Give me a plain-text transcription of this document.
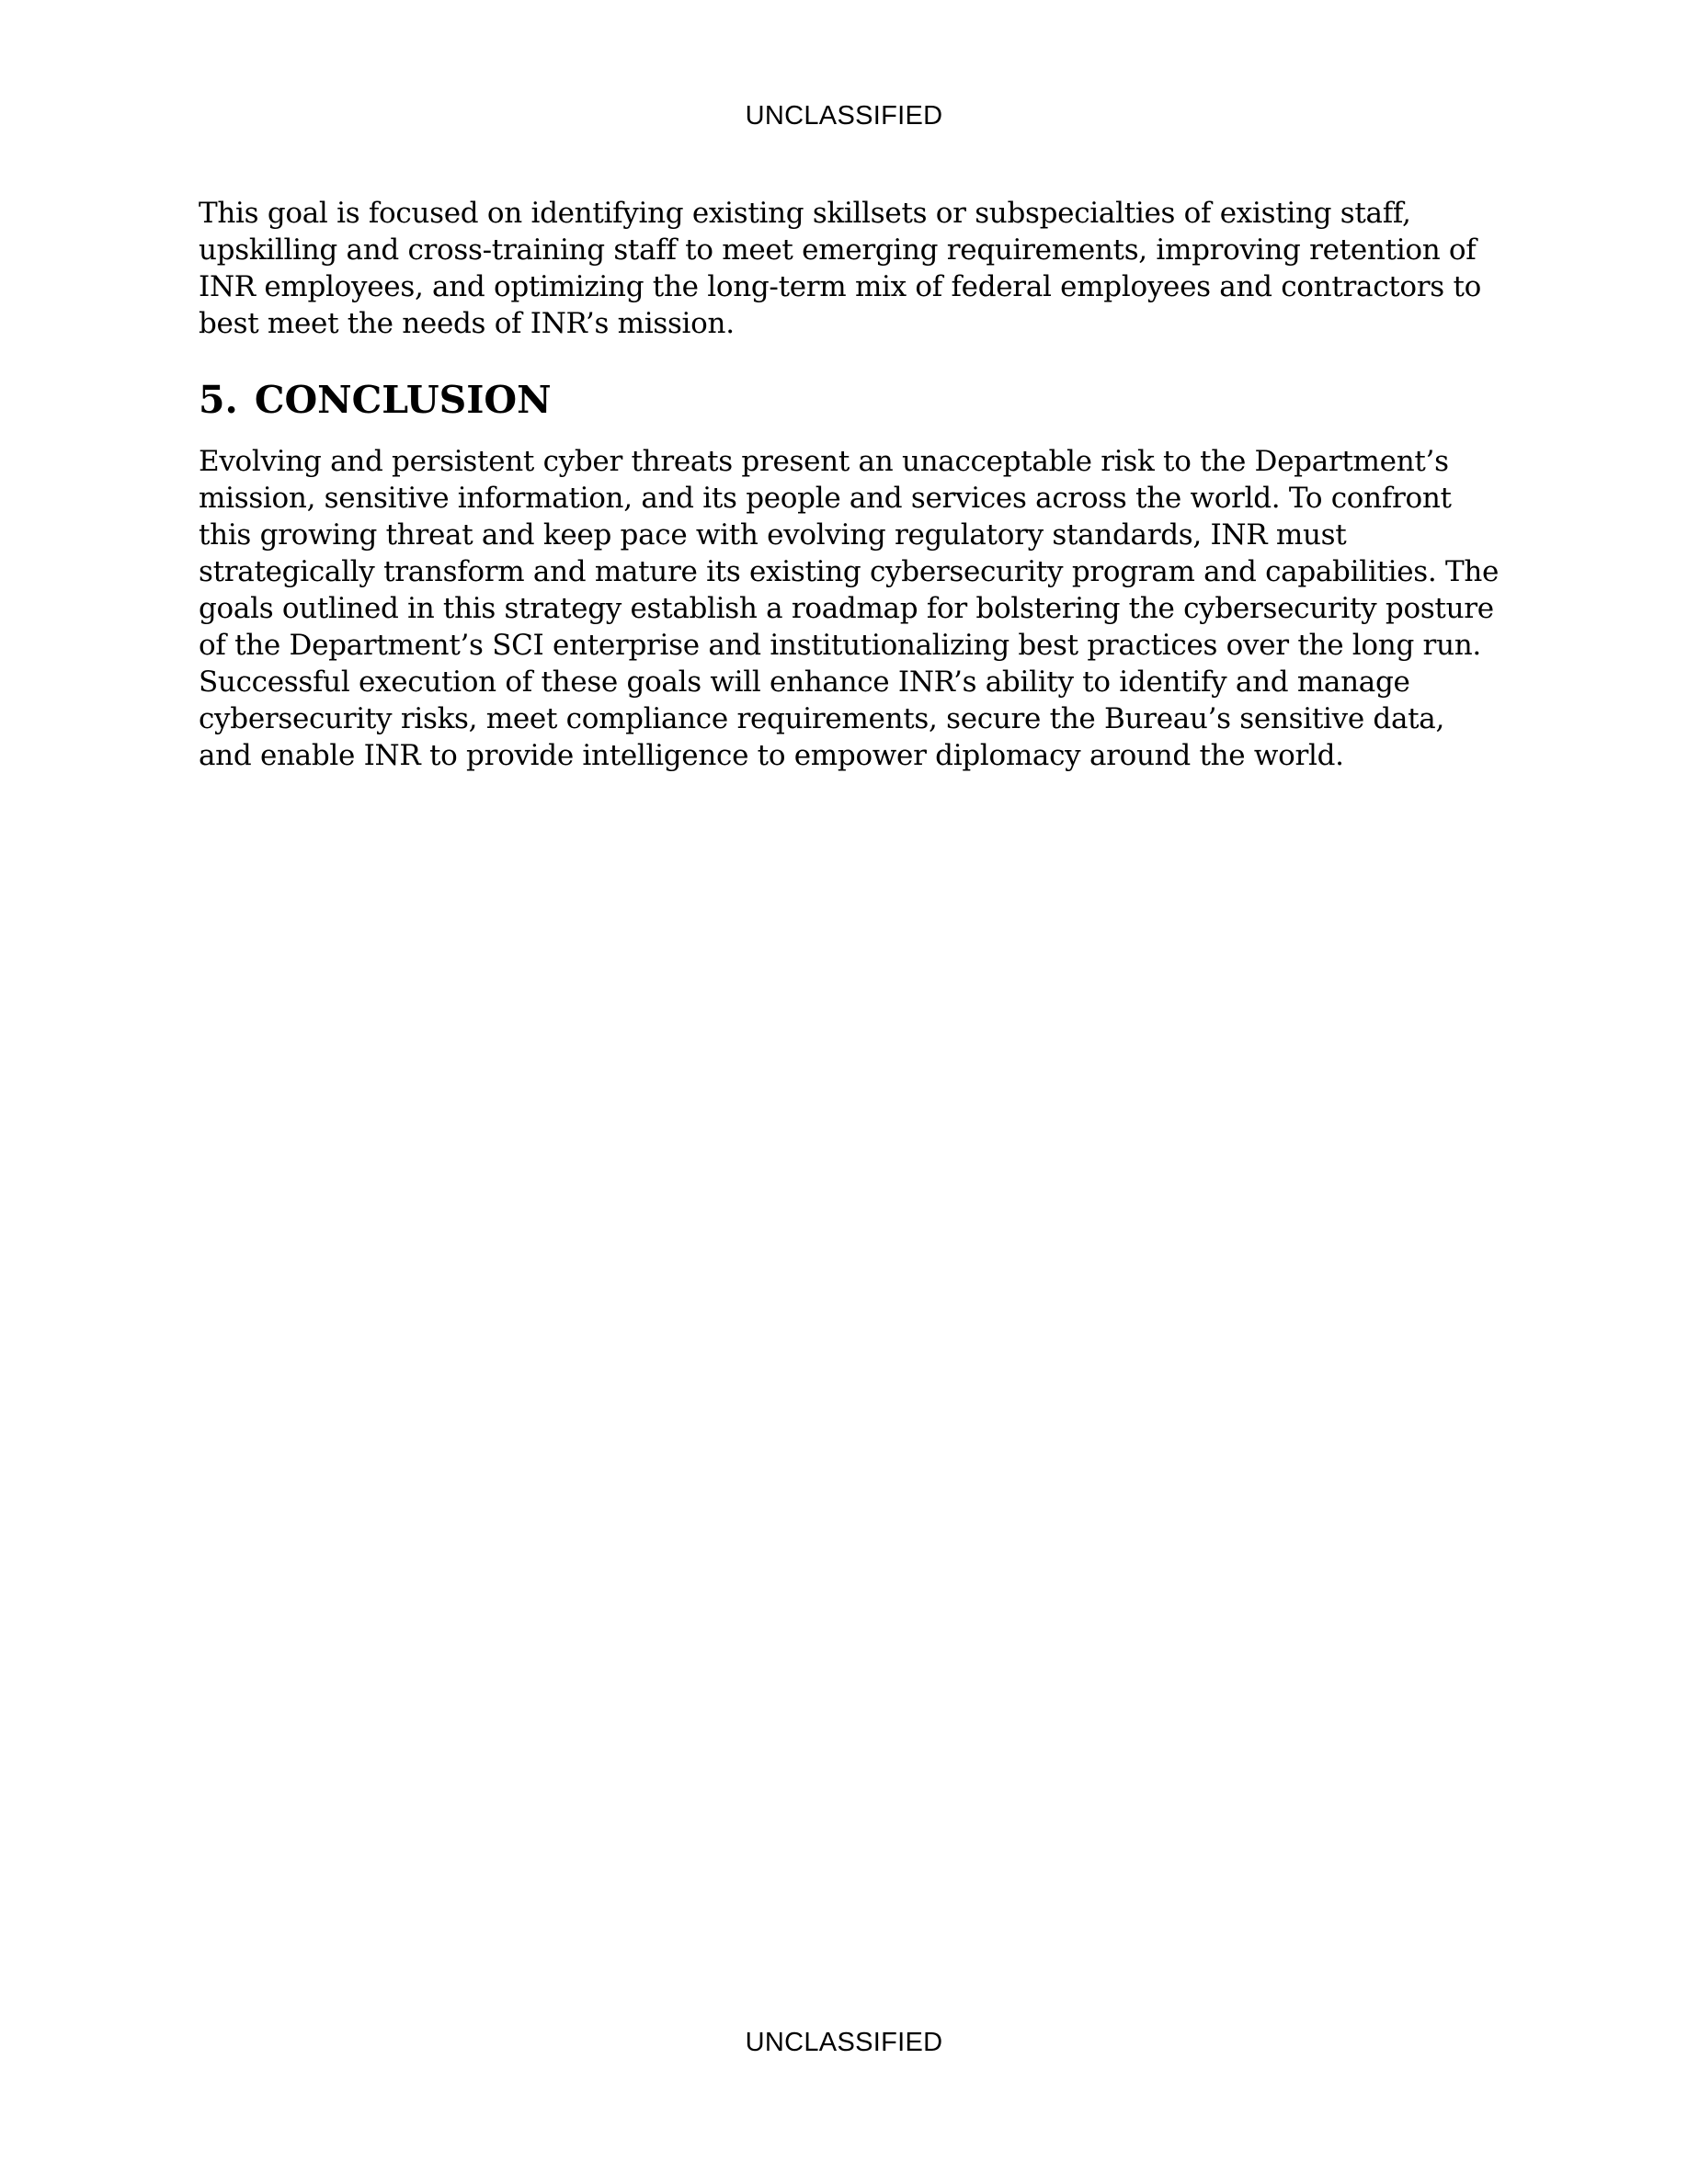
UNCLASSIFIED

This goal is focused on identifying existing skillsets or subspecialties of existing staff, upskilling and cross-training staff to meet emerging requirements, improving retention of INR employees, and optimizing the long-term mix of federal employees and contractors to best meet the needs of INR’s mission.

5. CONCLUSION

Evolving and persistent cyber threats present an unacceptable risk to the Department’s mission, sensitive information, and its people and services across the world. To confront this growing threat and keep pace with evolving regulatory standards, INR must strategically transform and mature its existing cybersecurity program and capabilities. The goals outlined in this strategy establish a roadmap for bolstering the cybersecurity posture of the Department’s SCI enterprise and institutionalizing best practices over the long run. Successful execution of these goals will enhance INR’s ability to identify and manage cybersecurity risks, meet compliance requirements, secure the Bureau’s sensitive data, and enable INR to provide intelligence to empower diplomacy around the world.

UNCLASSIFIED
